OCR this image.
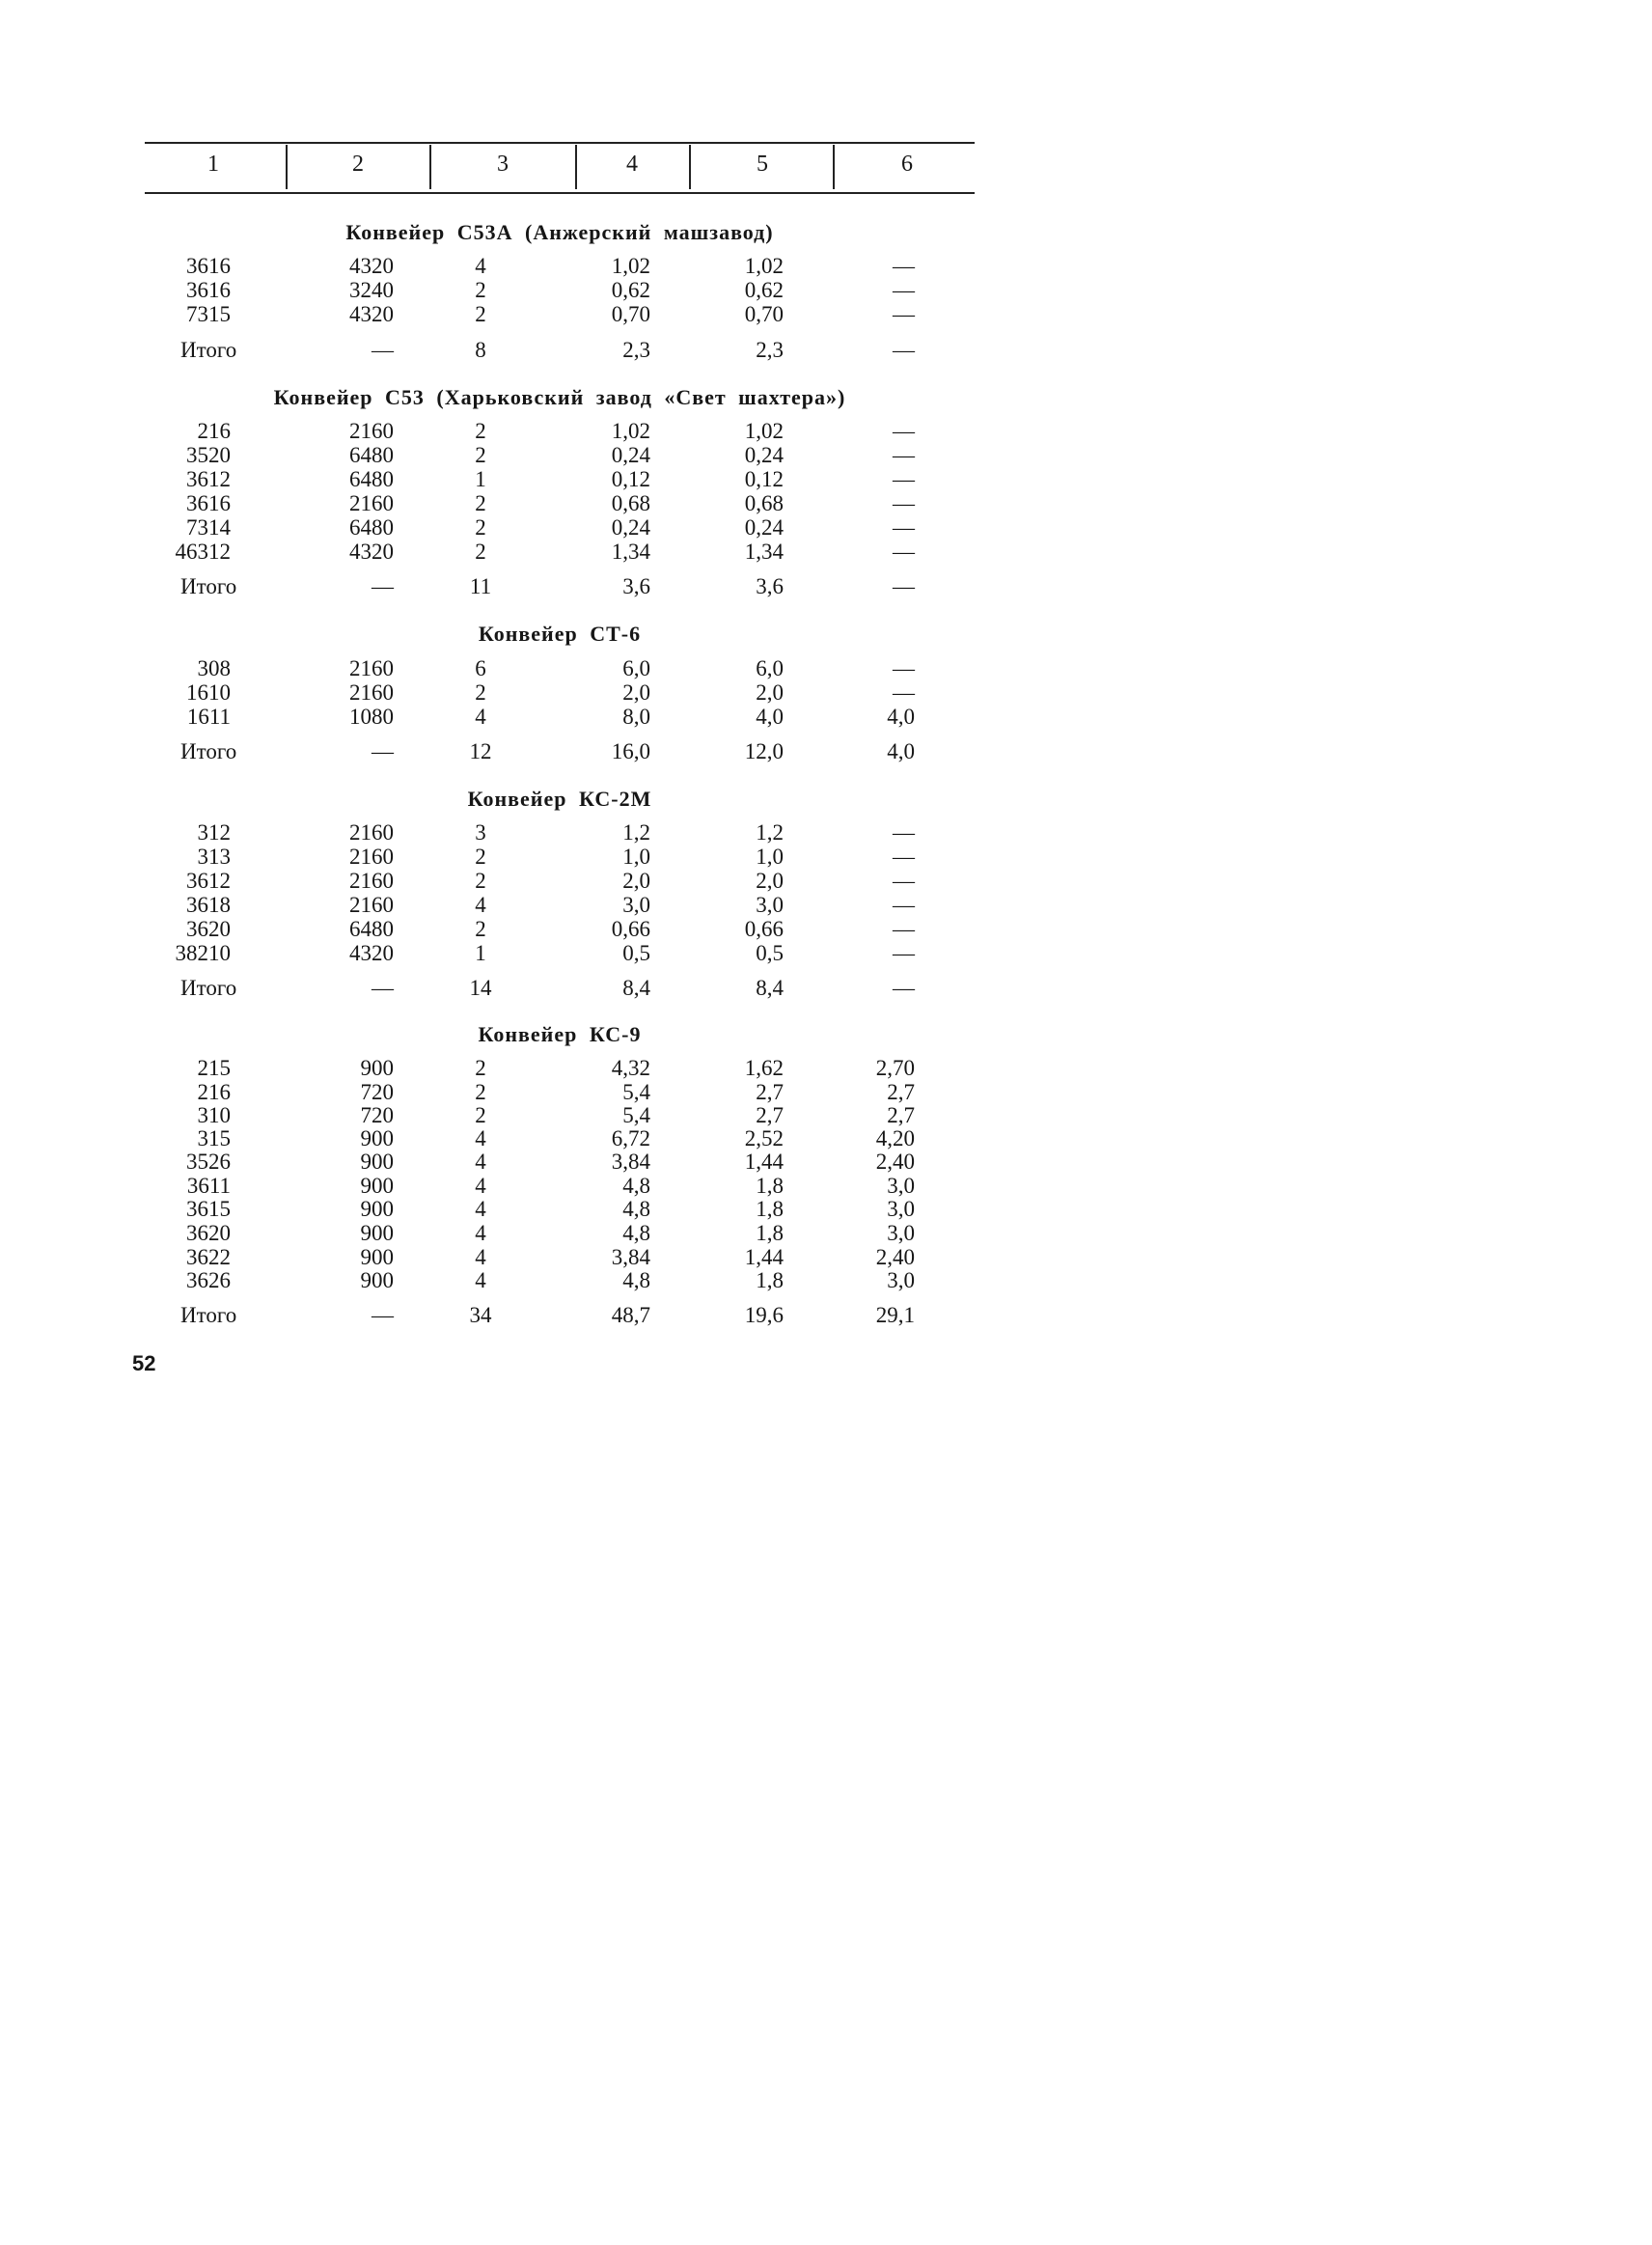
1	2	3	4	5	6
Конвейер С53А (Анжерский машзавод)
3616	4320	4	1,02	1,02	—
3616	3240	2	0,62	0,62	—
7315	4320	2	0,70	0,70	—
Итого	—	8	2,3	2,3	—
Конвейер С53 (Харьковский завод «Свет шахтера»)
216	2160	2	1,02	1,02	—
3520	6480	2	0,24	0,24	—
3612	6480	1	0,12	0,12	—
3616	2160	2	0,68	0,68	—
7314	6480	2	0,24	0,24	—
46312	4320	2	1,34	1,34	—
Итого	—	11	3,6	3,6	—
Конвейер СТ-6
308	2160	6	6,0	6,0	—
1610	2160	2	2,0	2,0	—
1611	1080	4	8,0	4,0	4,0
Итого	—	12	16,0	12,0	4,0
Конвейер КС-2М
312	2160	3	1,2	1,2	—
313	2160	2	1,0	1,0	—
3612	2160	2	2,0	2,0	—
3618	2160	4	3,0	3,0	—
3620	6480	2	0,66	0,66	—
38210	4320	1	0,5	0,5	—
Итого	—	14	8,4	8,4	—
Конвейер КС-9
215	900	2	4,32	1,62	2,70
216	720	2	5,4	2,7	2,7
310	720	2	5,4	2,7	2,7
315	900	4	6,72	2,52	4,20
3526	900	4	3,84	1,44	2,40
3611	900	4	4,8	1,8	3,0
3615	900	4	4,8	1,8	3,0
3620	900	4	4,8	1,8	3,0
3622	900	4	3,84	1,44	2,40
3626	900	4	4,8	1,8	3,0
Итого	—	34	48,7	19,6	29,1
52
